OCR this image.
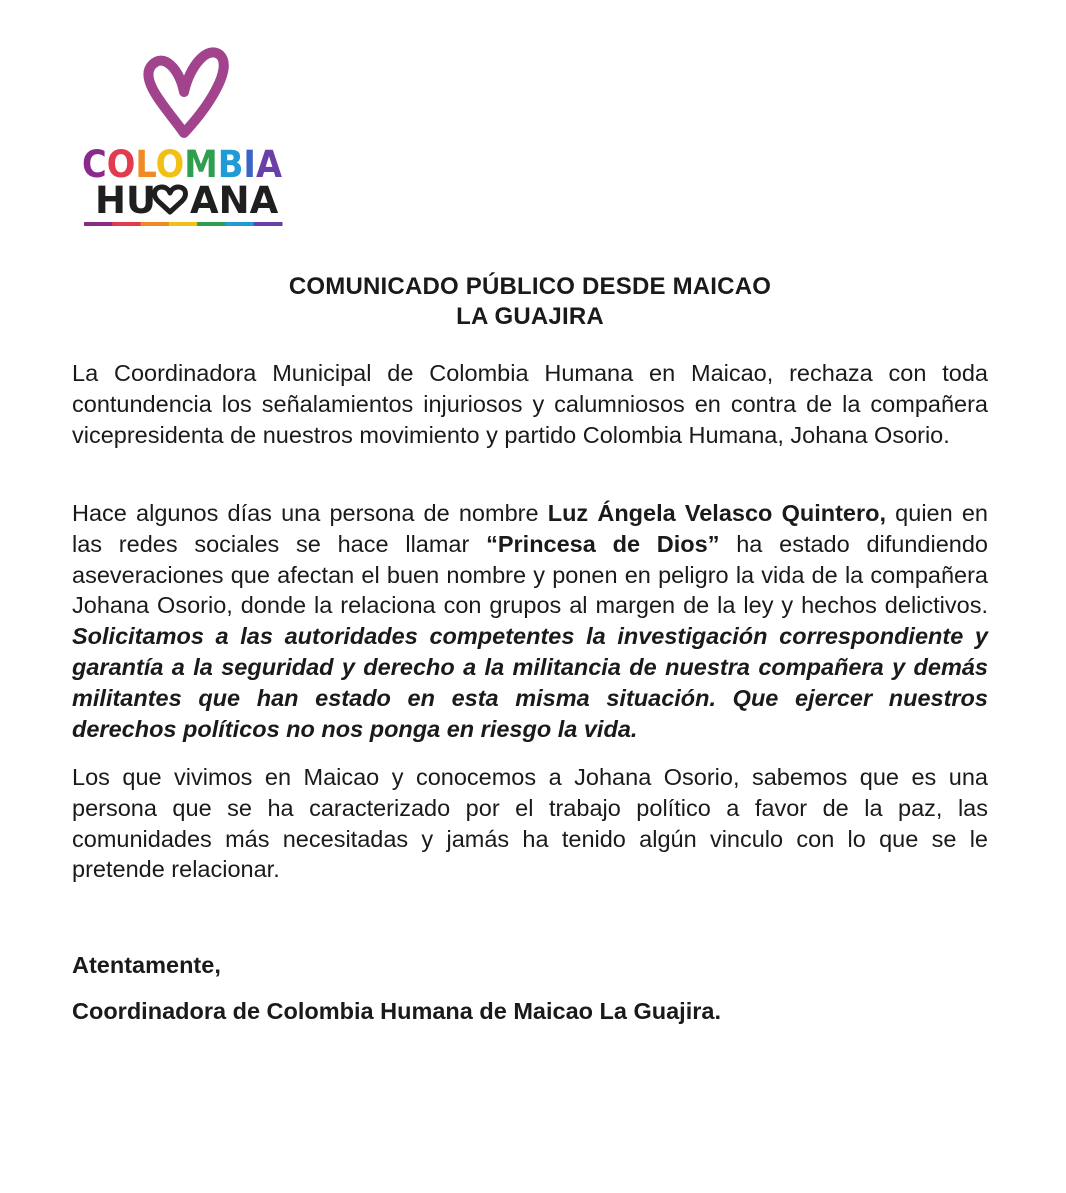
COLOMBIA
HU ANA
COMUNICADO PÚBLICO DESDE MAICAO
LA GUAJIRA

La Coordinadora Municipal de Colombia Humana en Maicao, rechaza con toda contundencia los señalamientos injuriosos y calumniosos en contra de la compañera vicepresidenta de nuestros movimiento y partido Colombia Humana, Johana Osorio.

Hace algunos días una persona de nombre Luz Ángela Velasco Quintero, quien en las redes sociales se hace llamar “Princesa de Dios” ha estado difundiendo aseveraciones que afectan el buen nombre y ponen en peligro la vida de la compañera Johana Osorio, donde la relaciona con grupos al margen de la ley y hechos delictivos. Solicitamos a las autoridades competentes la investigación correspondiente y garantía a la seguridad y derecho a la militancia de nuestra compañera y demás militantes que han estado en esta misma situación. Que ejercer nuestros derechos políticos no nos ponga en riesgo la vida.

Los que vivimos en Maicao y conocemos a Johana Osorio, sabemos que es una persona que se ha caracterizado por el trabajo político a favor de la paz, las comunidades más necesitadas y jamás ha tenido algún vinculo con lo que se le pretende relacionar.

Atentamente,
Coordinadora de Colombia Humana de Maicao La Guajira.
